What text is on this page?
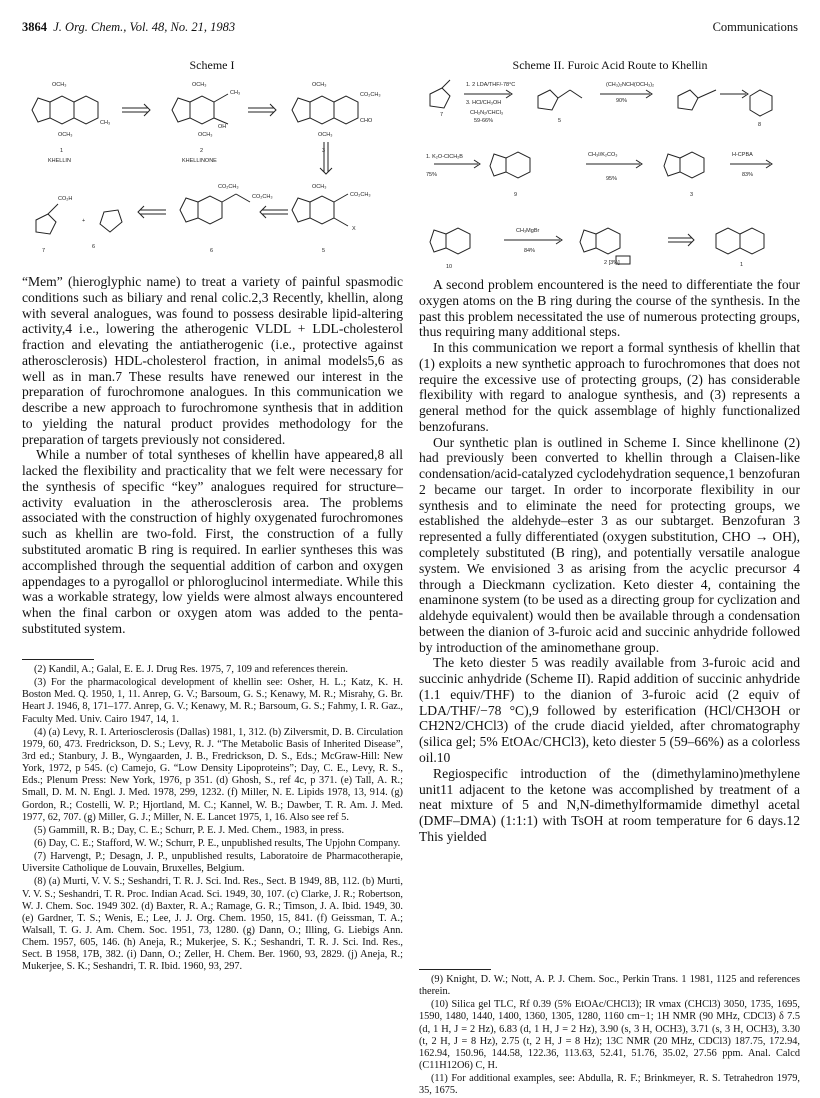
3864 J. Org. Chem., Vol. 48, No. 21, 1983	Communications
Scheme I
OCH₃
OCH₃
CH₃
1
KHELLIN
OCH₃
OCH₃
OH
CH₃
2
KHELLINONE
OCH₃
CO₂CH₃
CHO
OCH₃
3
OCH₃
CO₂CH₃
X
5
CO₂CH₃
CO₂CH₃
6
CO₂H
+
7
6
Scheme II. Furoic Acid Route to Khellin
7
5
8
1. 2 LDA/THF/-78°C
3. HCl/CH₃OH
CH₂N₂/CHCl₃
59-66%
(CH₃)₂NCH(OCH₃)₂
90%
1. K₂O-ClCH₂B
75%
9
CH₃I/K₂CO₃
95%
3
H-CPBA
83%
10
CH₃MgBr
84%
2 [3%]	1

“Mem” (hieroglyphic name) to treat a variety of painful spasmodic conditions such as biliary and renal colic.2,3 Recently, khellin, along with several analogues, was found to possess desirable lipid-altering activity,4 i.e., lowering the atherogenic VLDL + LDL-cholesterol fraction and elevating the antiatherogenic (i.e., protective against atherosclerosis) HDL-cholesterol fraction, in animal models5,6 as well as in man.7 These results have renewed our interest in the preparation of furochromone analogues. In this communication we describe a new approach to furochromone synthesis that in addition to yielding the natural product provides methodology for the preparation of targets previously not considered.

While a number of total syntheses of khellin have appeared,8 all lacked the flexibility and practicality that we felt were necessary for the synthesis of specific “key” analogues required for structure–activity evaluation in the atherosclerosis area. The problems associated with the construction of highly oxygenated furochromones such as khellin are two-fold. First, the construction of a fully substituted aromatic B ring is required. In earlier syntheses this was accomplished through the sequential addition of carbon and oxygen appendages to a pyrogallol or phloroglucinol intermediate. While this was a workable strategy, low yields were almost always encountered when the final carbon or oxygen atom was added to the penta-substituted system.

(2) Kandil, A.; Galal, E. E. J. Drug Res. 1975, 7, 109 and references therein.

(3) For the pharmacological development of khellin see: Osher, H. L.; Katz, K. H. Boston Med. Q. 1950, 1, 11. Anrep, G. V.; Barsoum, G. S.; Kenawy, M. R.; Misrahy, G. Br. Heart J. 1946, 8, 171–177. Anrep, G. V.; Kenawy, M. R.; Barsoum, G. S.; Fahmy, I. R. Gaz., Faculty Med. Univ. Cairo 1947, 14, 1.

(4) (a) Levy, R. I. Arteriosclerosis (Dallas) 1981, 1, 312. (b) Zilversmit, D. B. Circulation 1979, 60, 473. Fredrickson, D. S.; Levy, R. J. “The Metabolic Basis of Inherited Disease”, 3rd ed.; Stanbury, J. B., Wyngaarden, J. B., Fredrickson, D. S., Eds.; McGraw-Hill: New York, 1972, p 545. (c) Camejo, G. “Low Density Lipoproteins”; Day, C. E., Levy, R. S., Eds.; Plenum Press: New York, 1976, p 351. (d) Ghosh, S., ref 4c, p 371. (e) Tall, A. R.; Small, D. M. N. Engl. J. Med. 1978, 299, 1232. (f) Miller, N. E. Lipids 1978, 13, 914. (g) Gordon, R.; Costelli, W. P.; Hjortland, M. C.; Kannel, W. B.; Dawber, T. R. Am. J. Med. 1977, 62, 707. (g) Miller, G. J.; Miller, N. E. Lancet 1975, 1, 16. Also see ref 5.

(5) Gammill, R. B.; Day, C. E.; Schurr, P. E. J. Med. Chem., 1983, in press.

(6) Day, C. E.; Stafford, W. W.; Schurr, P. E., unpublished results, The Upjohn Company.

(7) Harvengt, P.; Desagn, J. P., unpublished results, Laboratoire de Pharmacotherapie, Uiversite Catholique de Louvain, Bruxelles, Belgium.

(8) (a) Murti, V. V. S.; Seshandri, T. R. J. Sci. Ind. Res., Sect. B 1949, 8B, 112. (b) Murti, V. V. S.; Seshandri, T. R. Proc. Indian Acad. Sci. 1949, 30, 107. (c) Clarke, J. R.; Robertson, W. J. Chem. Soc. 1949 302. (d) Baxter, R. A.; Ramage, G. R.; Timson, J. A. Ibid. 1949, 30. (e) Gardner, T. S.; Wenis, E.; Lee, J. J. Org. Chem. 1950, 15, 841. (f) Geissman, T. A.; Walsall, T. G. J. Am. Chem. Soc. 1951, 73, 1280. (g) Dann, O.; Illing, G. Liebigs Ann. Chem. 1957, 605, 146. (h) Aneja, R.; Mukerjee, S. K.; Seshandri, T. R. J. Sci. Ind. Res., Sect. B 1958, 17B, 382. (i) Dann, O.; Zeller, H. Chem. Ber. 1960, 93, 2829. (j) Aneja, R.; Mukerjee, S. K.; Seshandri, T. R. Ibid. 1960, 93, 297.

A second problem encountered is the need to differentiate the four oxygen atoms on the B ring during the course of the synthesis. In the past this problem necessitated the use of numerous protecting groups, thus requiring many additional steps.

In this communication we report a formal synthesis of khellin that (1) exploits a new synthetic approach to furochromones that does not require the excessive use of protecting groups, (2) has considerable flexibility with regard to analogue synthesis, and (3) represents a general method for the quick assemblage of highly functionalized benzofurans.

Our synthetic plan is outlined in Scheme I. Since khellinone (2) had previously been converted to khellin through a Claisen-like condensation/acid-catalyzed cyclodehydration sequence,1 benzofuran 2 became our target. In order to incorporate flexibility in our synthesis and to eliminate the need for protecting groups, we established the aldehyde–ester 3 as our subtarget. Benzofuran 3 represented a fully differentiated (oxygen substitution, CHO → OH), completely substituted (B ring), and potentially versatile analogue system. We envisioned 3 as arising from the acyclic precursor 4 through a Dieckmann cyclization. Keto diester 4, containing the enaminone system (to be used as a directing group for cyclization and aldehyde equivalent) would then be available through a condensation between the dianion of 3-furoic acid and succinic anhydride followed by introduction of the aminomethane group.

The keto diester 5 was readily available from 3-furoic acid and succinic anhydride (Scheme II). Rapid addition of succinic anhydride (1.1 equiv/THF) to the dianion of 3-furoic acid (2 equiv of LDA/THF/−78 °C),9 followed by esterification (HCl/CH3OH or CH2N2/CHCl3) of the crude diacid yielded, after chromatography (silica gel; 5% EtOAc/CHCl3), keto diester 5 (59–66%) as a colorless oil.10

Regiospecific introduction of the (dimethylamino)methylene unit11 adjacent to the ketone was accomplished by treatment of a neat mixture of 5 and N,N-dimethylformamide dimethyl acetal (DMF–DMA) (1:1:1) with TsOH at room temperature for 6 days.12 This yielded

(9) Knight, D. W.; Nott, A. P. J. Chem. Soc., Perkin Trans. 1 1981, 1125 and references therein.

(10) Silica gel TLC, Rf 0.39 (5% EtOAc/CHCl3); IR νmax (CHCl3) 3050, 1735, 1695, 1590, 1480, 1440, 1400, 1360, 1305, 1280, 1160 cm−1; 1H NMR (90 MHz, CDCl3) δ 7.5 (d, 1 H, J = 2 Hz), 6.83 (d, 1 H, J = 2 Hz), 3.90 (s, 3 H, OCH3), 3.71 (s, 3 H, OCH3), 3.30 (t, 2 H, J = 8 Hz), 2.75 (t, 2 H, J = 8 Hz); 13C NMR (20 MHz, CDCl3) 187.75, 172.94, 162.94, 150.96, 144.58, 122.36, 113.63, 52.41, 51.76, 35.02, 27.56 ppm. Anal. Calcd (C11H12O6) C, H.

(11) For additional examples, see: Abdulla, R. F.; Brinkmeyer, R. S. Tetrahedron 1979, 35, 1675.
